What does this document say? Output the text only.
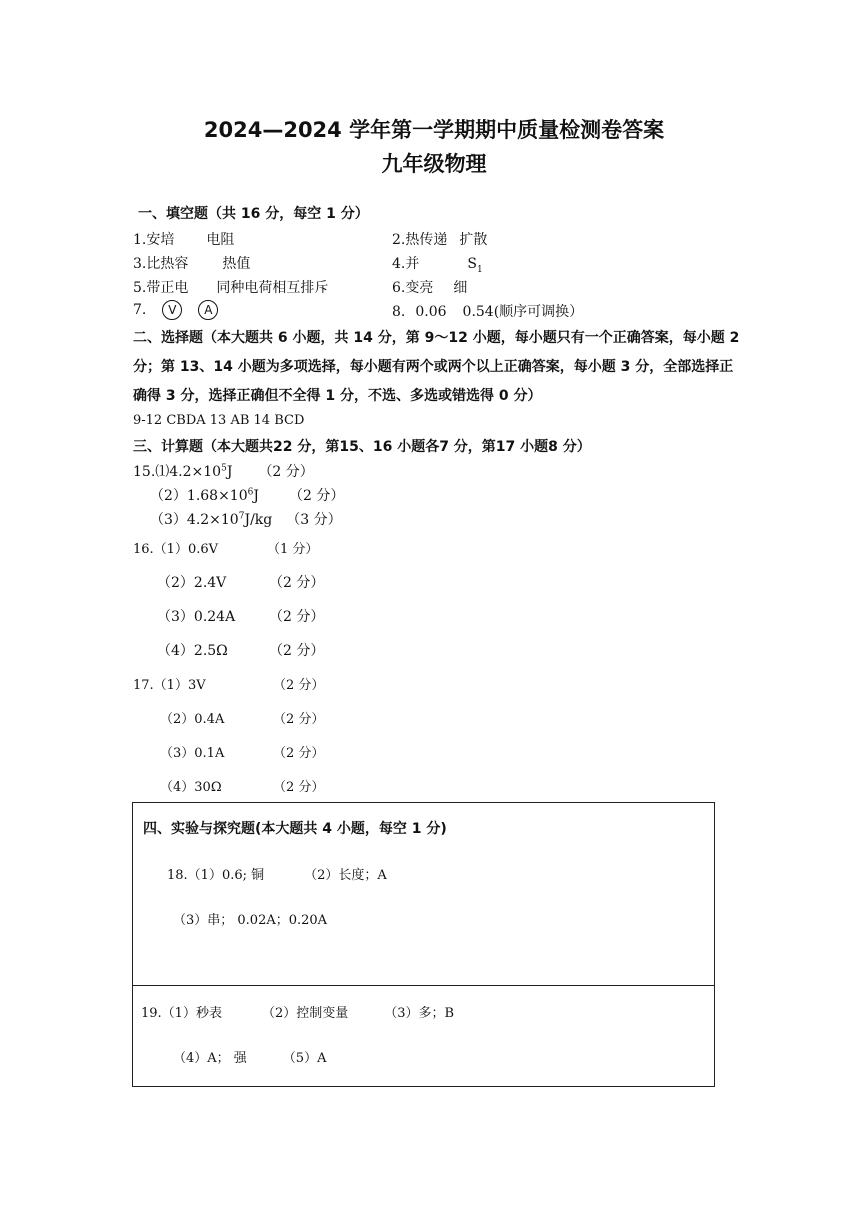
2024—2024 学年第一学期期中质量检测卷答案
九年级物理
一、填空题（共 16 分，每空 1 分）
1.安培 电阻	2.热传递 扩散
3.比热容 热值	4.并	$S_1$
5.带正电 同种电荷相互排斥	6.变亮 细
7. V A	8. 0.06 0.54(顺序可调换）
二、选择题（本大题共 6 小题，共 14 分，第 9～12 小题，每小题只有一个正确答案，每小题 2 分；第 13、14 小题为多项选择，每小题有两个或两个以上正确答案，每小题 3 分，全部选择正确得 3 分，选择正确但不全得 1 分，不选、多选或错选得 0 分）
9-12 CBDA 13 AB 14 BCD
三、计算题（本大题共22 分，第15、16 小题各7 分，第17 小题8 分）
$15.⑴4.2\times 10^5J$ （2 分）
$(2)1.68\times 10^6J$ （2 分）
$(3)4.2\times 10^7J/kg$ （3 分）
16.（1）0.6V	（1 分）
（2）2.4V	（2 分）
（3）0.24A （2 分）
（4）2.5Ω	（2 分）
17.（1）3V	（2 分）
（2）0.4A	（2 分）
（3）0.1A	（2 分）
（4）30Ω	（2 分）
四、实验与探究题(本大题共 4 小题，每空 1 分)
18.（1）0.6; 铜	（2）长度；A
（3）串； 0.02A；0.20A
19.（1）秒表	（2）控制变量	（3）多；B
（4）A； 强	（5）A
